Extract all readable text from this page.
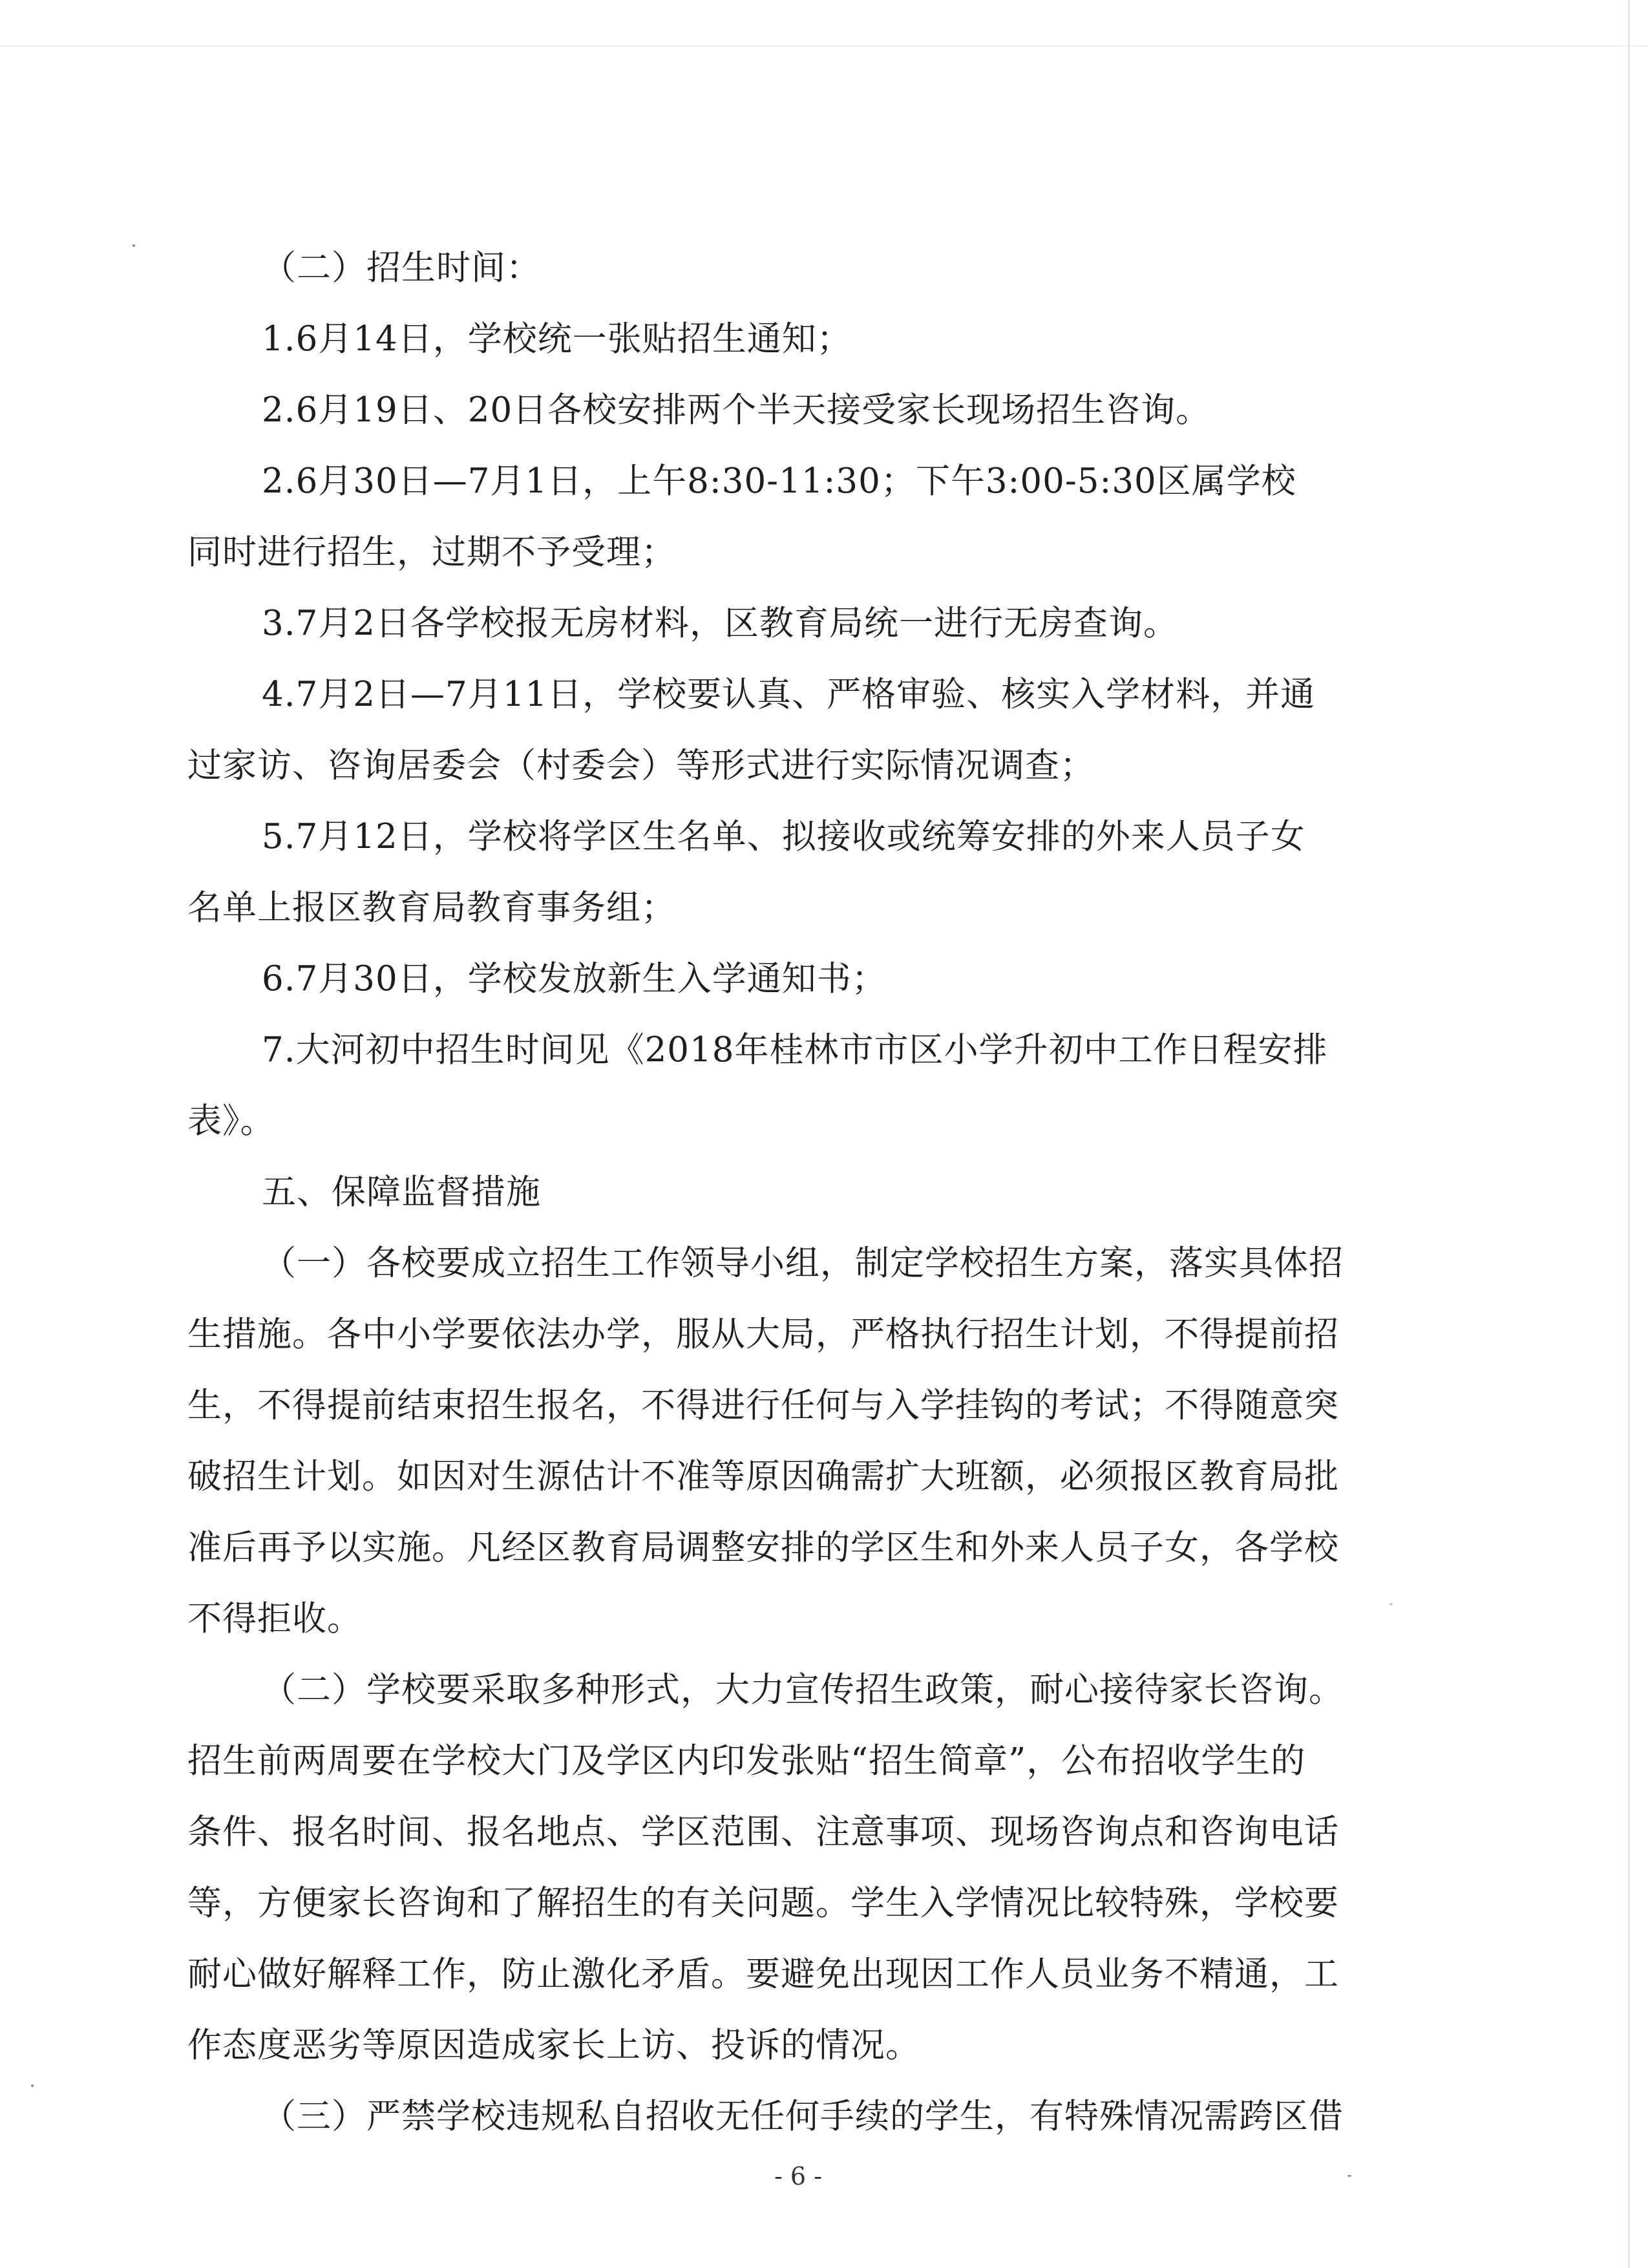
（二）招生时间：
1.6月14日，学校统一张贴招生通知；
2.6月19日、20日各校安排两个半天接受家长现场招生咨询。
2.6月30日—7月1日，上午8:30-11:30；下午3:00-5:30区属学校
同时进行招生，过期不予受理；
3.7月2日各学校报无房材料，区教育局统一进行无房查询。
4.7月2日—7月11日，学校要认真、严格审验、核实入学材料，并通
过家访、咨询居委会（村委会）等形式进行实际情况调查；
5.7月12日，学校将学区生名单、拟接收或统筹安排的外来人员子女
名单上报区教育局教育事务组；
6.7月30日，学校发放新生入学通知书；
7.大河初中招生时间见《2018年桂林市市区小学升初中工作日程安排
表》。
五、保障监督措施
（一）各校要成立招生工作领导小组，制定学校招生方案，落实具体招
生措施。各中小学要依法办学，服从大局，严格执行招生计划，不得提前招
生，不得提前结束招生报名，不得进行任何与入学挂钩的考试；不得随意突
破招生计划。如因对生源估计不准等原因确需扩大班额，必须报区教育局批
准后再予以实施。凡经区教育局调整安排的学区生和外来人员子女，各学校
不得拒收。
（二）学校要采取多种形式，大力宣传招生政策，耐心接待家长咨询。
招生前两周要在学校大门及学区内印发张贴“招生简章”，公布招收学生的
条件、报名时间、报名地点、学区范围、注意事项、现场咨询点和咨询电话
等，方便家长咨询和了解招生的有关问题。学生入学情况比较特殊，学校要
耐心做好解释工作，防止激化矛盾。要避免出现因工作人员业务不精通，工
作态度恶劣等原因造成家长上访、投诉的情况。
（三）严禁学校违规私自招收无任何手续的学生，有特殊情况需跨区借
- 6 -
